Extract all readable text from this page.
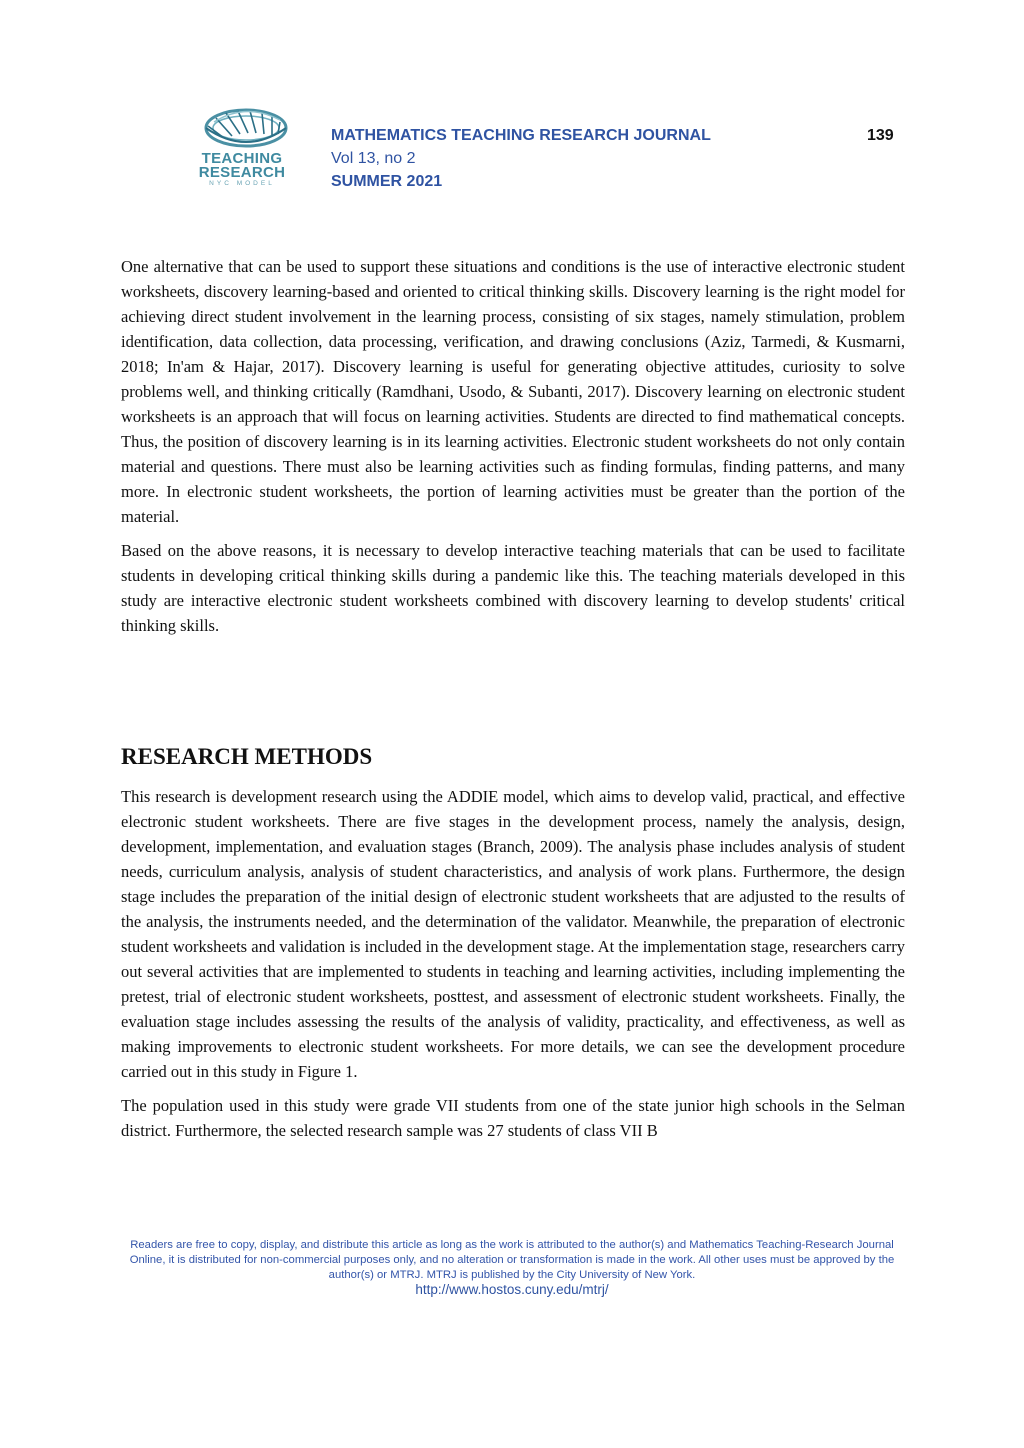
TEACHING
RESEARCH
NYC MODEL
MATHEMATICS TEACHING RESEARCH JOURNAL
Vol 13, no 2
SUMMER 2021
139

One alternative that can be used to support these situations and conditions is the use of interactive electronic student worksheets, discovery learning-based and oriented to critical thinking skills. Discovery learning is the right model for achieving direct student involvement in the learning process, consisting of six stages, namely stimulation, problem identification, data collection, data processing, verification, and drawing conclusions (Aziz, Tarmedi, & Kusmarni, 2018; In'am & Hajar, 2017). Discovery learning is useful for generating objective attitudes, curiosity to solve problems well, and thinking critically (Ramdhani, Usodo, & Subanti, 2017). Discovery learning on electronic student worksheets is an approach that will focus on learning activities. Students are directed to find mathematical concepts. Thus, the position of discovery learning is in its learning activities. Electronic student worksheets do not only contain material and questions. There must also be learning activities such as finding formulas, finding patterns, and many more. In electronic student worksheets, the portion of learning activities must be greater than the portion of the material.

Based on the above reasons, it is necessary to develop interactive teaching materials that can be used to facilitate students in developing critical thinking skills during a pandemic like this. The teaching materials developed in this study are interactive electronic student worksheets combined with discovery learning to develop students' critical thinking skills.

RESEARCH METHODS

This research is development research using the ADDIE model, which aims to develop valid, practical, and effective electronic student worksheets. There are five stages in the development process, namely the analysis, design, development, implementation, and evaluation stages (Branch, 2009). The analysis phase includes analysis of student needs, curriculum analysis, analysis of student characteristics, and analysis of work plans. Furthermore, the design stage includes the preparation of the initial design of electronic student worksheets that are adjusted to the results of the analysis, the instruments needed, and the determination of the validator. Meanwhile, the preparation of electronic student worksheets and validation is included in the development stage. At the implementation stage, researchers carry out several activities that are implemented to students in teaching and learning activities, including implementing the pretest, trial of electronic student worksheets, posttest, and assessment of electronic student worksheets. Finally, the evaluation stage includes assessing the results of the analysis of validity, practicality, and effectiveness, as well as making improvements to electronic student worksheets. For more details, we can see the development procedure carried out in this study in Figure 1.

The population used in this study were grade VII students from one of the state junior high schools in the Selman district. Furthermore, the selected research sample was 27 students of class VII B

Readers are free to copy, display, and distribute this article as long as the work is attributed to the author(s) and Mathematics Teaching-Research Journal Online, it is distributed for non-commercial purposes only, and no alteration or transformation is made in the work. All other uses must be approved by the author(s) or MTRJ. MTRJ is published by the City University of New York.
http://www.hostos.cuny.edu/mtrj/
